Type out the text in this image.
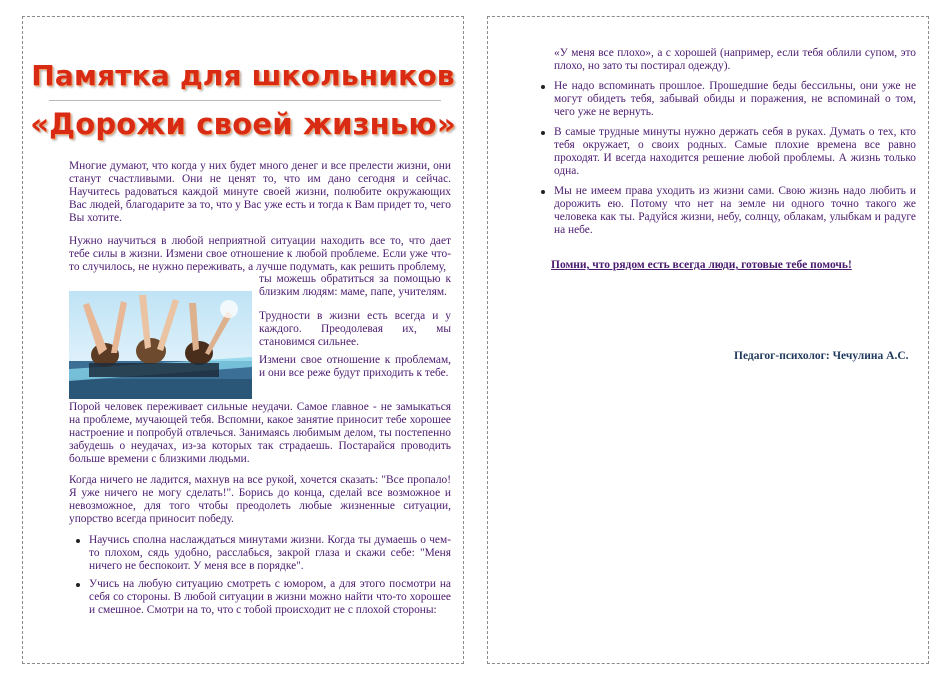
Памятка для школьников
«Дорожи своей жизнью»

Многие думают, что когда у них будет много денег и все прелести жизни, они станут счастливыми. Они не ценят то, что им дано сегодня и сейчас. Научитесь радоваться каждой минуте своей жизни, полюбите окружающих Вас людей, благодарите за то, что у Вас уже есть и тогда к Вам придет то, чего Вы хотите.

Нужно научиться в любой неприятной ситуации находить все то, что дает тебе силы в жизни. Измени свое отношение к любой проблеме. Если уже что-то случилось, не нужно переживать, а лучше подумать, как решить проблему,

ты можешь обратиться за помощью к близким людям: маме, папе, учителям.

Трудности в жизни есть всегда и у каждого. Преодолевая их, мы становимся сильнее.

Измени свое отношение к проблемам, и они все реже будут приходить к тебе.

Порой человек переживает сильные неудачи. Самое главное - не замыкаться на проблеме, мучающей тебя. Вспомни, какое занятие приносит тебе хорошее настроение и попробуй отвлечься. Занимаясь любимым делом, ты постепенно забудешь о неудачах, из-за которых так страдаешь. Постарайся проводить больше времени с близкими людьми.

Когда ничего не ладится, махнув на все рукой, хочется сказать: "Все пропало! Я уже ничего не могу сделать!". Борись до конца, сделай все возможное и невозможное, для того чтобы преодолеть любые жизненные ситуации, упорство всегда приносит победу.

Научись сполна наслаждаться минутами жизни. Когда ты думаешь о чем-то плохом, сядь удобно, расслабься, закрой глаза и скажи себе: "Меня ничего не беспокоит. У меня все в порядке".

Учись на любую ситуацию смотреть с юмором, а для этого посмотри на себя со стороны. В любой ситуации в жизни можно найти что-то хорошее и смешное. Смотри на то, что с тобой происходит не с плохой стороны:

«У меня все плохо», а с хорошей (например, если тебя облили супом, это плохо, но зато ты постирал одежду).

Не надо вспоминать прошлое. Прошедшие беды бессильны, они уже не могут обидеть тебя, забывай обиды и поражения, не вспоминай о том, чего уже не вернуть.

В самые трудные минуты нужно держать себя в руках. Думать о тех, кто тебя окружает, о своих родных. Самые плохие времена все равно проходят. И всегда находится решение любой проблемы. А жизнь только одна.

Мы не имеем права уходить из жизни сами. Свою жизнь надо любить и дорожить ею. Потому что нет на земле ни одного точно такого же человека как ты. Радуйся жизни, небу, солнцу, облакам, улыбкам и радуге на небе.

Помни, что рядом есть всегда люди, готовые тебе помочь!

Педагог-психолог: Чечулина А.С.
